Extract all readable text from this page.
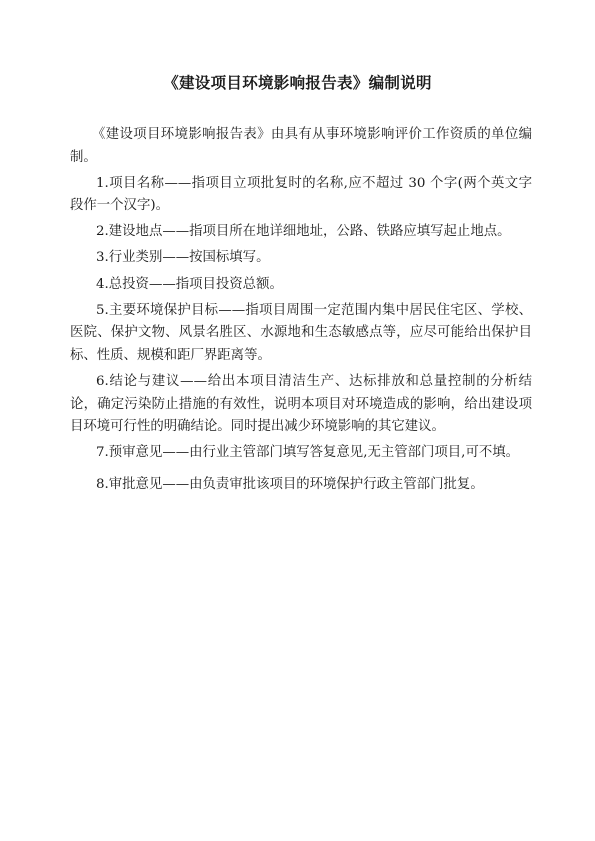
《建设项目环境影响报告表》编制说明

《建设项目环境影响报告表》由具有从事环境影响评价工作资质的单位编制。

1.项目名称——指项目立项批复时的名称,应不超过 30 个字(两个英文字段作一个汉字)。

2.建设地点——指项目所在地详细地址，公路、铁路应填写起止地点。

3.行业类别——按国标填写。

4.总投资——指项目投资总额。

5.主要环境保护目标——指项目周围一定范围内集中居民住宅区、学校、医院、保护文物、风景名胜区、水源地和生态敏感点等，应尽可能给出保护目标、性质、规模和距厂界距离等。

6.结论与建议——给出本项目清洁生产、达标排放和总量控制的分析结论，确定污染防止措施的有效性，说明本项目对环境造成的影响，给出建设项目环境可行性的明确结论。同时提出减少环境影响的其它建议。

7.预审意见——由行业主管部门填写答复意见,无主管部门项目,可不填。

8.审批意见——由负责审批该项目的环境保护行政主管部门批复。
